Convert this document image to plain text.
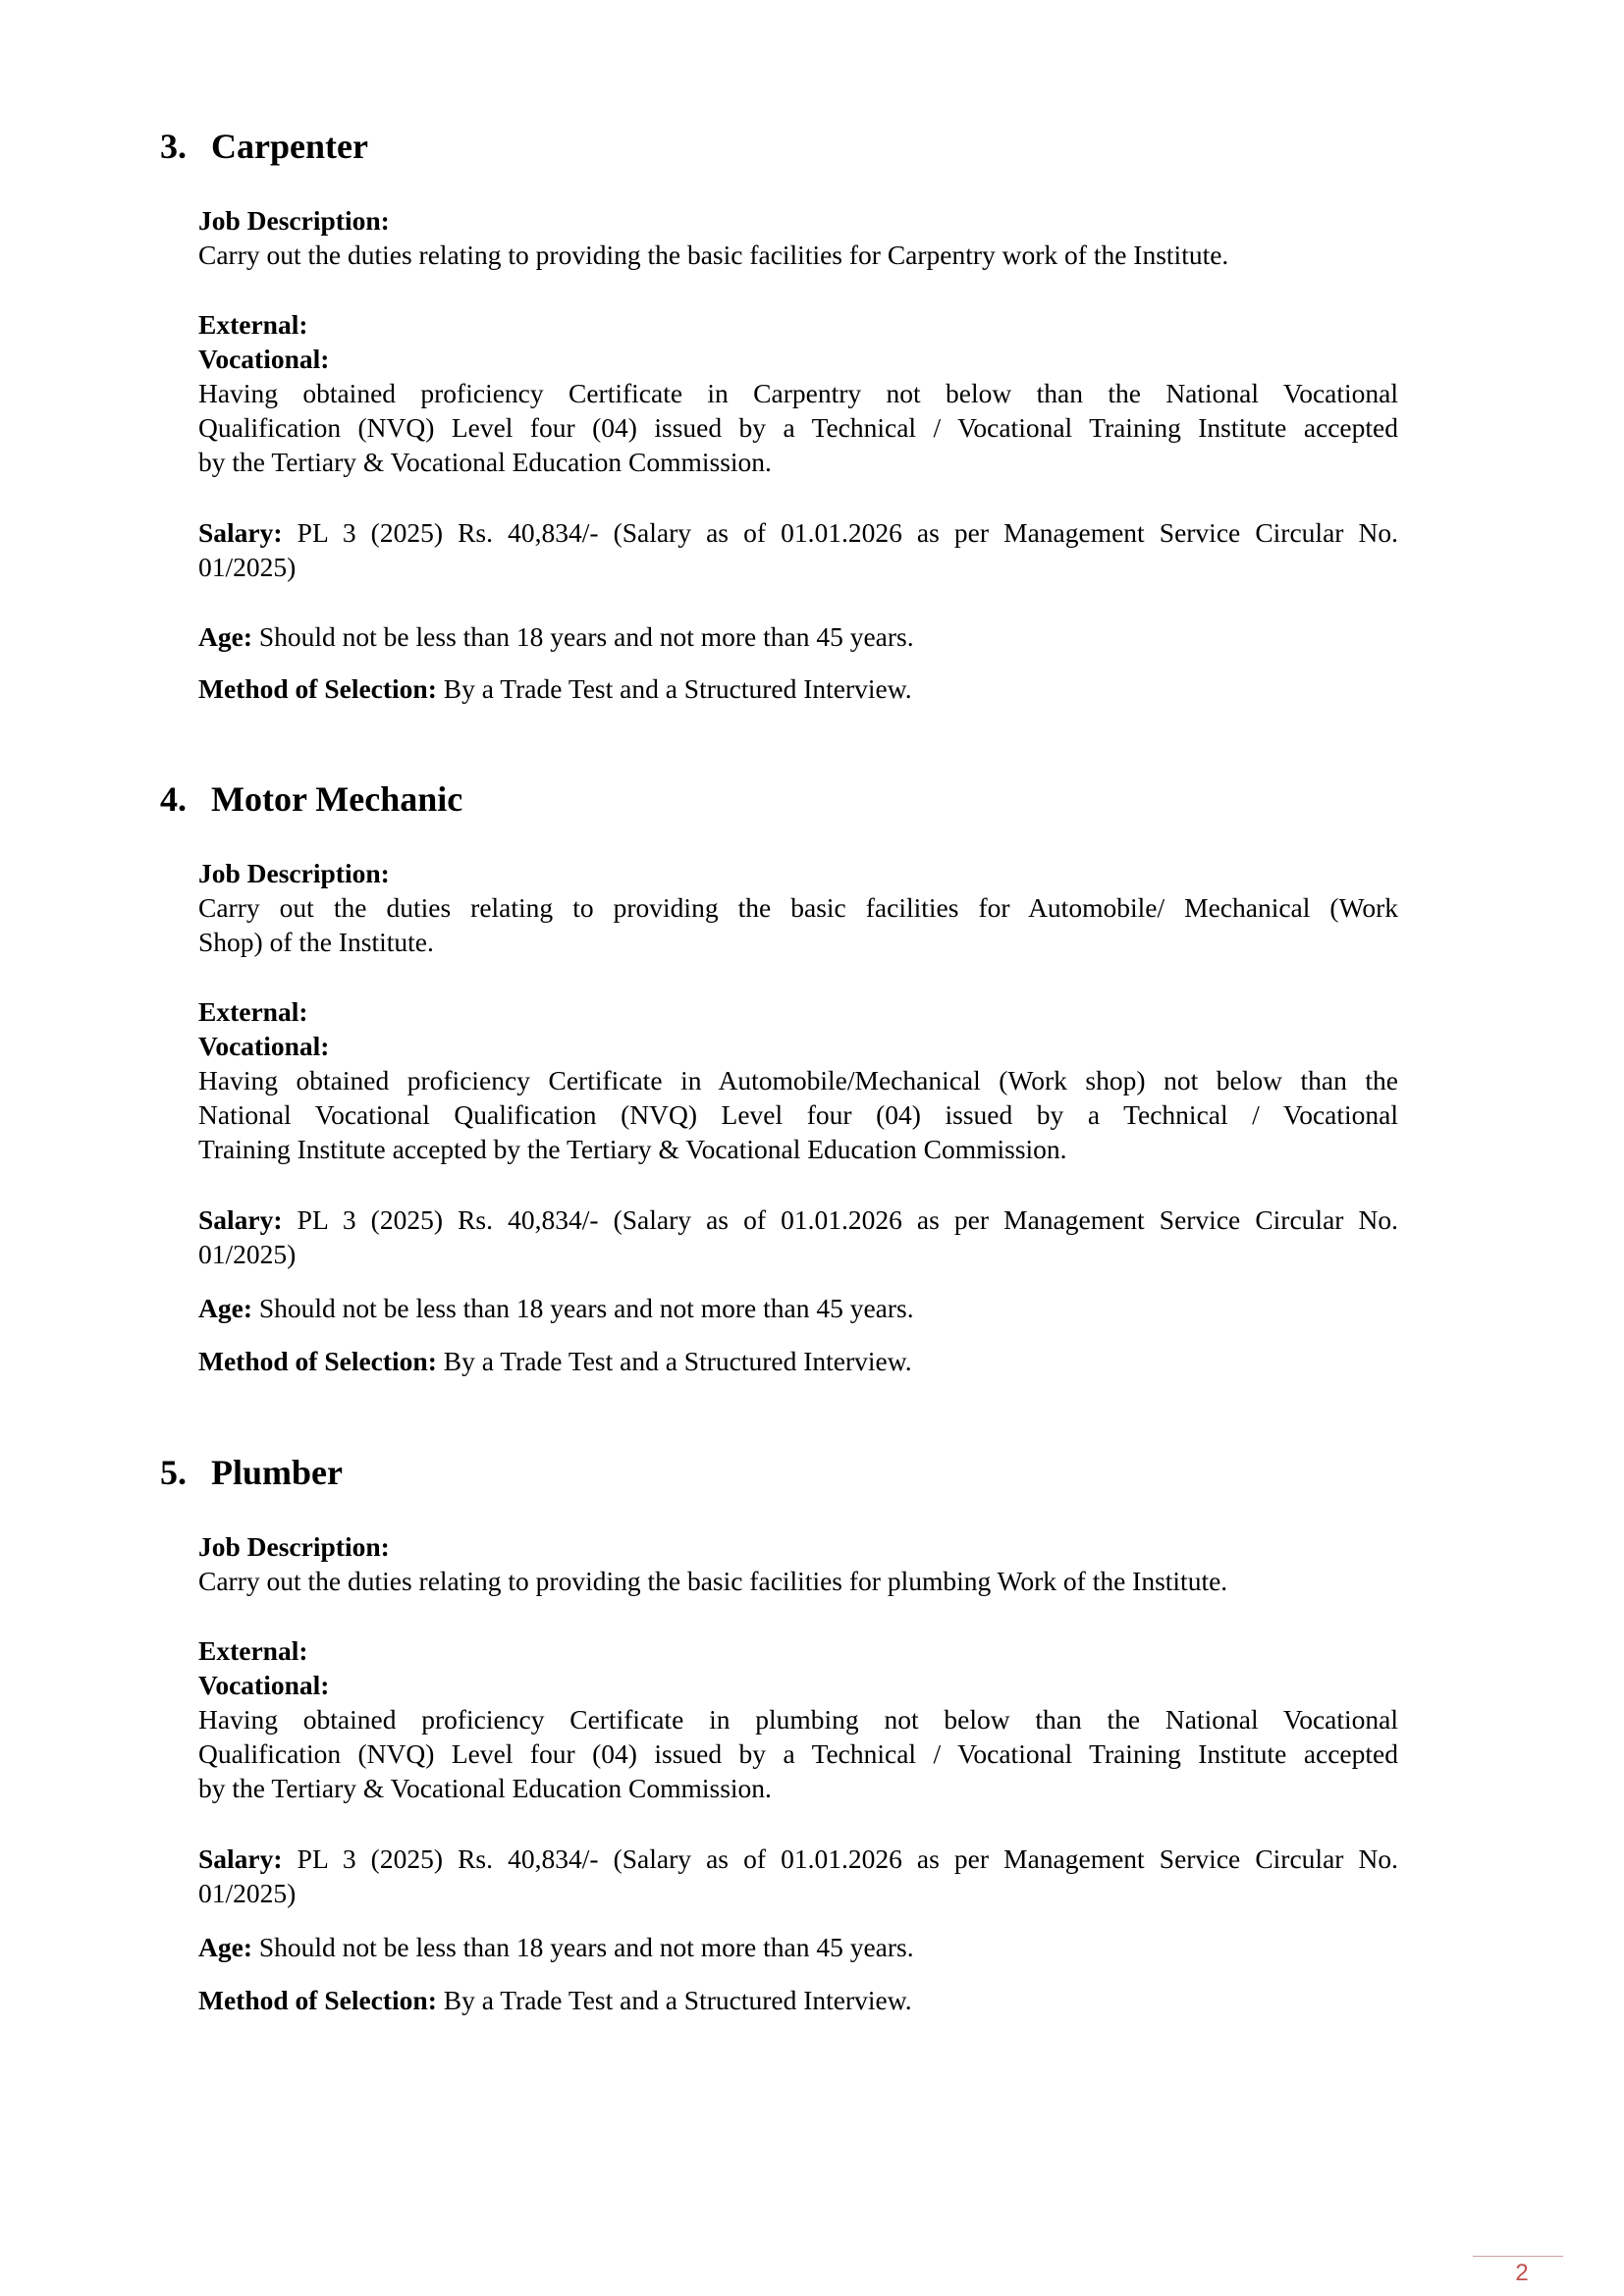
3. Carpenter
Job Description:
Carry out the duties relating to providing the basic facilities for Carpentry work of the Institute.
External:
Vocational:
Having obtained proficiency Certificate in Carpentry not below than the National Vocational
Qualification (NVQ) Level four (04) issued by a Technical / Vocational Training Institute accepted
by the Tertiary & Vocational Education Commission.
Salary: PL 3 (2025) Rs. 40,834/- (Salary as of 01.01.2026 as per Management Service Circular No.
01/2025)
Age: Should not be less than 18 years and not more than 45 years.
Method of Selection: By a Trade Test and a Structured Interview.
4. Motor Mechanic
Job Description:
Carry out the duties relating to providing the basic facilities for Automobile/ Mechanical (Work
Shop) of the Institute.
External:
Vocational:
Having obtained proficiency Certificate in Automobile/Mechanical (Work shop) not below than the
National Vocational Qualification (NVQ) Level four (04) issued by a Technical / Vocational
Training Institute accepted by the Tertiary & Vocational Education Commission.
Salary: PL 3 (2025) Rs. 40,834/- (Salary as of 01.01.2026 as per Management Service Circular No.
01/2025)
Age: Should not be less than 18 years and not more than 45 years.
Method of Selection: By a Trade Test and a Structured Interview.
5. Plumber
Job Description:
Carry out the duties relating to providing the basic facilities for plumbing Work of the Institute.
External:
Vocational:
Having obtained proficiency Certificate in plumbing not below than the National Vocational
Qualification (NVQ) Level four (04) issued by a Technical / Vocational Training Institute accepted
by the Tertiary & Vocational Education Commission.
Salary: PL 3 (2025) Rs. 40,834/- (Salary as of 01.01.2026 as per Management Service Circular No.
01/2025)
Age: Should not be less than 18 years and not more than 45 years.
Method of Selection: By a Trade Test and a Structured Interview.
2
